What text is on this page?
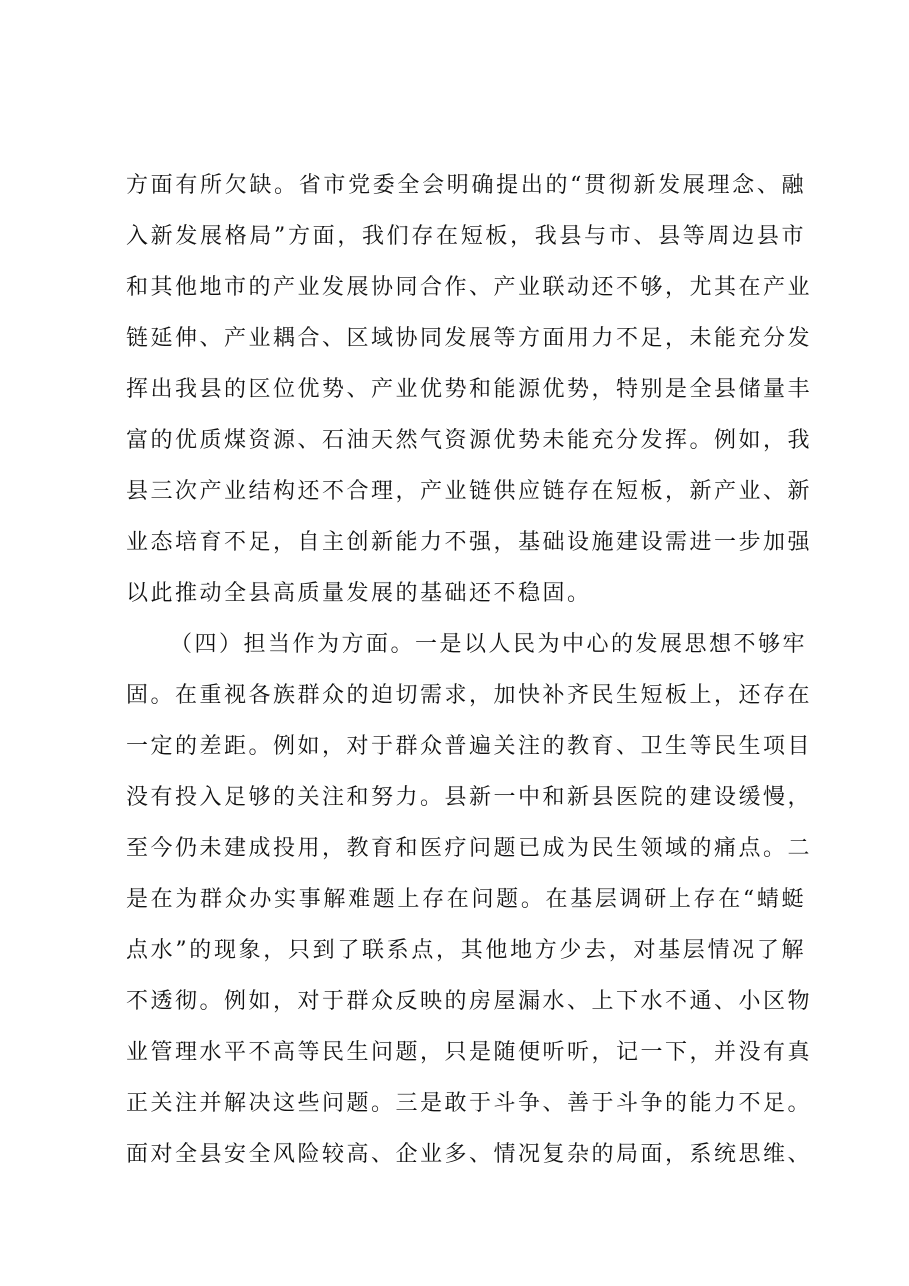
方面有所欠缺。省市党委全会明确提出的“贯彻新发展理念、融
入新发展格局”方面，我们存在短板，我县与市、县等周边县市
和其他地市的产业发展协同合作、产业联动还不够，尤其在产业
链延伸、产业耦合、区域协同发展等方面用力不足，未能充分发
挥出我县的区位优势、产业优势和能源优势，特别是全县储量丰
富的优质煤资源、石油天然气资源优势未能充分发挥。例如，我
县三次产业结构还不合理，产业链供应链存在短板，新产业、新
业态培育不足，自主创新能力不强，基础设施建设需进一步加强
以此推动全县高质量发展的基础还不稳固。
（四）担当作为方面。一是以人民为中心的发展思想不够牢
固。在重视各族群众的迫切需求，加快补齐民生短板上，还存在
一定的差距。例如，对于群众普遍关注的教育、卫生等民生项目
没有投入足够的关注和努力。县新一中和新县医院的建设缓慢，
至今仍未建成投用，教育和医疗问题已成为民生领域的痛点。二
是在为群众办实事解难题上存在问题。在基层调研上存在“蜻蜓
点水”的现象，只到了联系点，其他地方少去，对基层情况了解
不透彻。例如，对于群众反映的房屋漏水、上下水不通、小区物
业管理水平不高等民生问题，只是随便听听，记一下，并没有真
正关注并解决这些问题。三是敢于斗争、善于斗争的能力不足。
面对全县安全风险较高、企业多、情况复杂的局面，系统思维、
